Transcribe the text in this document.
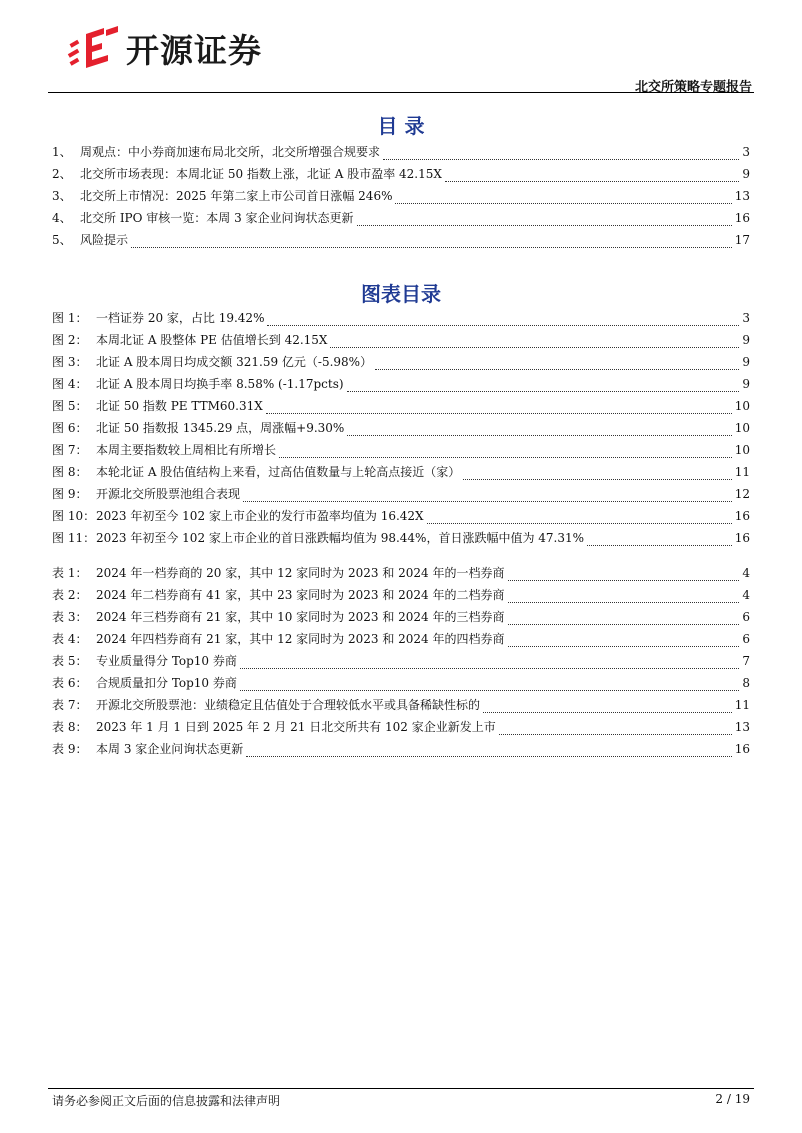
开源证券
北交所策略专题报告
目 录
1、 周观点：中小券商加速布局北交所，北交所增强合规要求	3
2、 北交所市场表现：本周北证 50 指数上涨，北证 A 股市盈率 42.15X	9
3、 北交所上市情况：2025 年第二家上市公司首日涨幅 246%	13
4、 北交所 IPO 审核一览：本周 3 家企业问询状态更新	16
5、 风险提示	17
图表目录
图 1： 一档证券 20 家，占比 19.42%	3
图 2： 本周北证 A 股整体 PE 估值增长到 42.15X	9
图 3： 北证 A 股本周日均成交额 321.59 亿元（-5.98%）	9
图 4： 北证 A 股本周日均换手率 8.58% (-1.17pcts)	9
图 5： 北证 50 指数 PE TTM60.31X	10
图 6： 北证 50 指数报 1345.29 点，周涨幅+9.30%	10
图 7： 本周主要指数较上周相比有所增长	10
图 8： 本轮北证 A 股估值结构上来看，过高估值数量与上轮高点接近（家）	11
图 9： 开源北交所股票池组合表现	12
图 10： 2023 年初至今 102 家上市企业的发行市盈率均值为 16.42X	16
图 11： 2023 年初至今 102 家上市企业的首日涨跌幅均值为 98.44%，首日涨跌幅中值为 47.31%	16
表 1： 2024 年一档券商的 20 家，其中 12 家同时为 2023 和 2024 年的一档券商	4
表 2： 2024 年二档券商有 41 家，其中 23 家同时为 2023 和 2024 年的二档券商	4
表 3： 2024 年三档券商有 21 家，其中 10 家同时为 2023 和 2024 年的三档券商	6
表 4： 2024 年四档券商有 21 家，其中 12 家同时为 2023 和 2024 年的四档券商	6
表 5： 专业质量得分 Top10 券商	7
表 6： 合规质量扣分 Top10 券商	8
表 7： 开源北交所股票池：业绩稳定且估值处于合理较低水平或具备稀缺性标的	11
表 8： 2023 年 1 月 1 日到 2025 年 2 月 21 日北交所共有 102 家企业新发上市	13
表 9： 本周 3 家企业问询状态更新	16
请务必参阅正文后面的信息披露和法律声明	2 / 19
